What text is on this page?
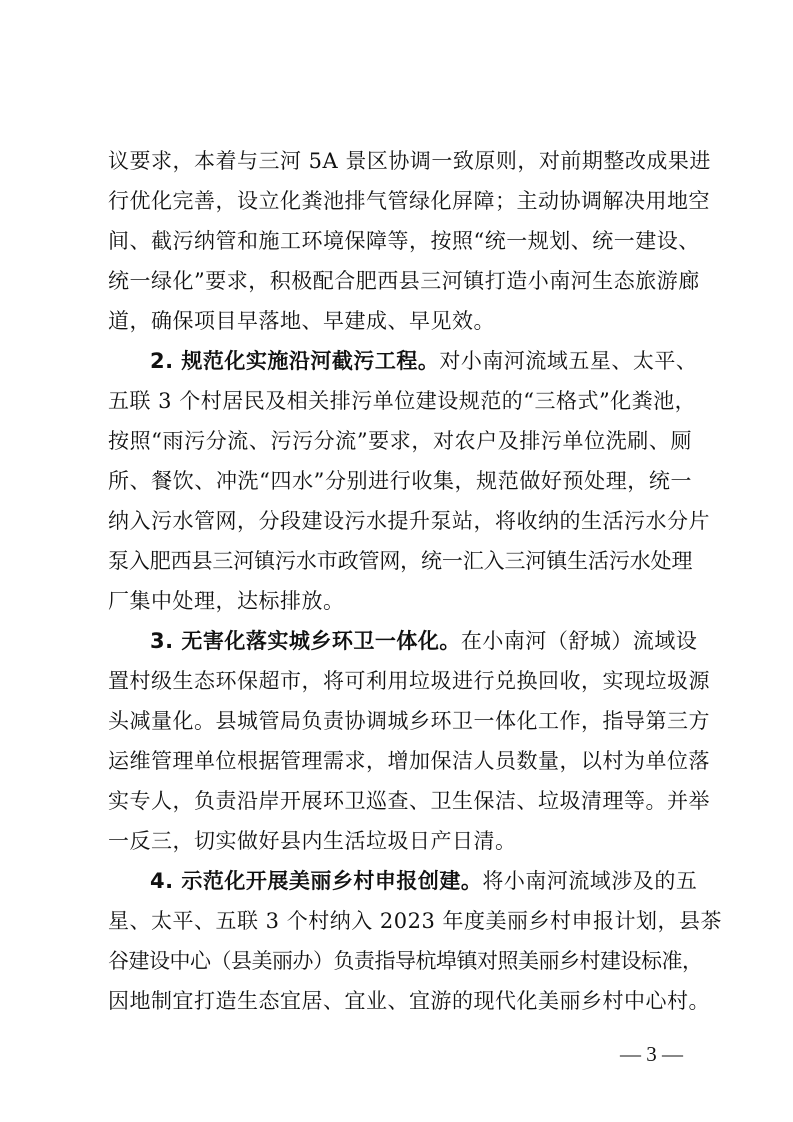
议要求，本着与三河 5A 景区协调一致原则，对前期整改成果进
行优化完善，设立化粪池排气管绿化屏障；主动协调解决用地空
间、截污纳管和施工环境保障等，按照“统一规划、统一建设、
统一绿化”要求，积极配合肥西县三河镇打造小南河生态旅游廊
道，确保项目早落地、早建成、早见效。
2. 规范化实施沿河截污工程。对小南河流域五星、太平、
五联 3 个村居民及相关排污单位建设规范的“三格式”化粪池，
按照“雨污分流、污污分流”要求，对农户及排污单位洗刷、厕
所、餐饮、冲洗“四水”分别进行收集，规范做好预处理，统一
纳入污水管网，分段建设污水提升泵站，将收纳的生活污水分片
泵入肥西县三河镇污水市政管网，统一汇入三河镇生活污水处理
厂集中处理，达标排放。
3. 无害化落实城乡环卫一体化。在小南河（舒城）流域设
置村级生态环保超市，将可利用垃圾进行兑换回收，实现垃圾源
头减量化。县城管局负责协调城乡环卫一体化工作，指导第三方
运维管理单位根据管理需求，增加保洁人员数量，以村为单位落
实专人，负责沿岸开展环卫巡查、卫生保洁、垃圾清理等。并举
一反三，切实做好县内生活垃圾日产日清。
4. 示范化开展美丽乡村申报创建。将小南河流域涉及的五
星、太平、五联 3 个村纳入 2023 年度美丽乡村申报计划，县茶
谷建设中心（县美丽办）负责指导杭埠镇对照美丽乡村建设标准，
因地制宜打造生态宜居、宜业、宜游的现代化美丽乡村中心村。
— 3 —
